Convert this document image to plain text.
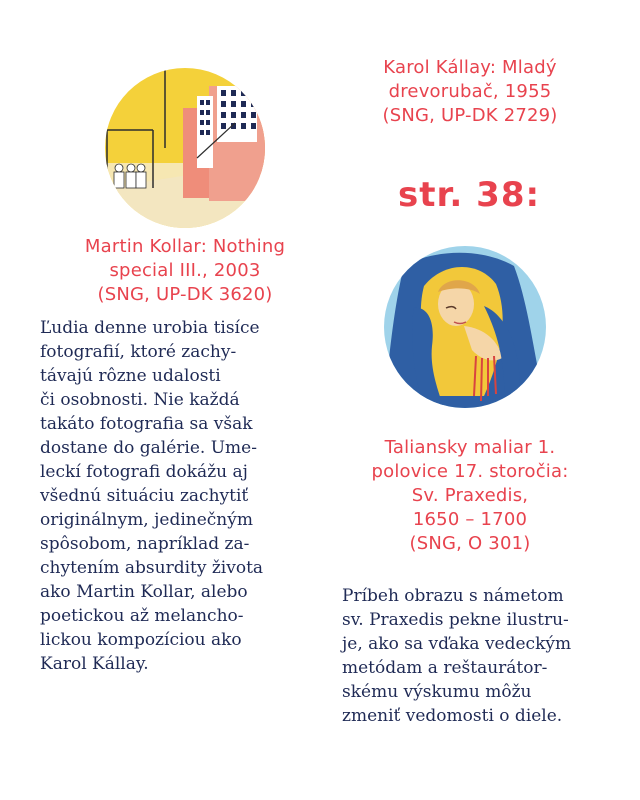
Karol Kállay: Mladý
drevorubač, 1955
(SNG, UP-DK 2729)
str. 38:
Martin Kollar: Nothing
special III., 2003
(SNG, UP-DK 3620)
Ľudia denne urobia tisíce
fotografií, ktoré zachy-
távajú rôzne udalosti
či osobnosti. Nie každá
takáto fotografia sa však
dostane do galérie. Ume-
leckí fotografi dokážu aj
všednú situáciu zachytiť
originálnym, jedinečným
spôsobom, napríklad za-
chytením absurdity života
ako Martin Kollar, alebo
poetickou až melancho-
lickou kompozíciou ako
Karol Kállay.
Taliansky maliar 1.
polovice 17. storočia:
Sv. Praxedis,
1650 – 1700
(SNG, O 301)
Príbeh obrazu s námetom
sv. Praxedis pekne ilustru-
je, ako sa vďaka vedeckým
metódam a reštaurátor-
skému výskumu môžu
zmeniť vedomosti o diele.
